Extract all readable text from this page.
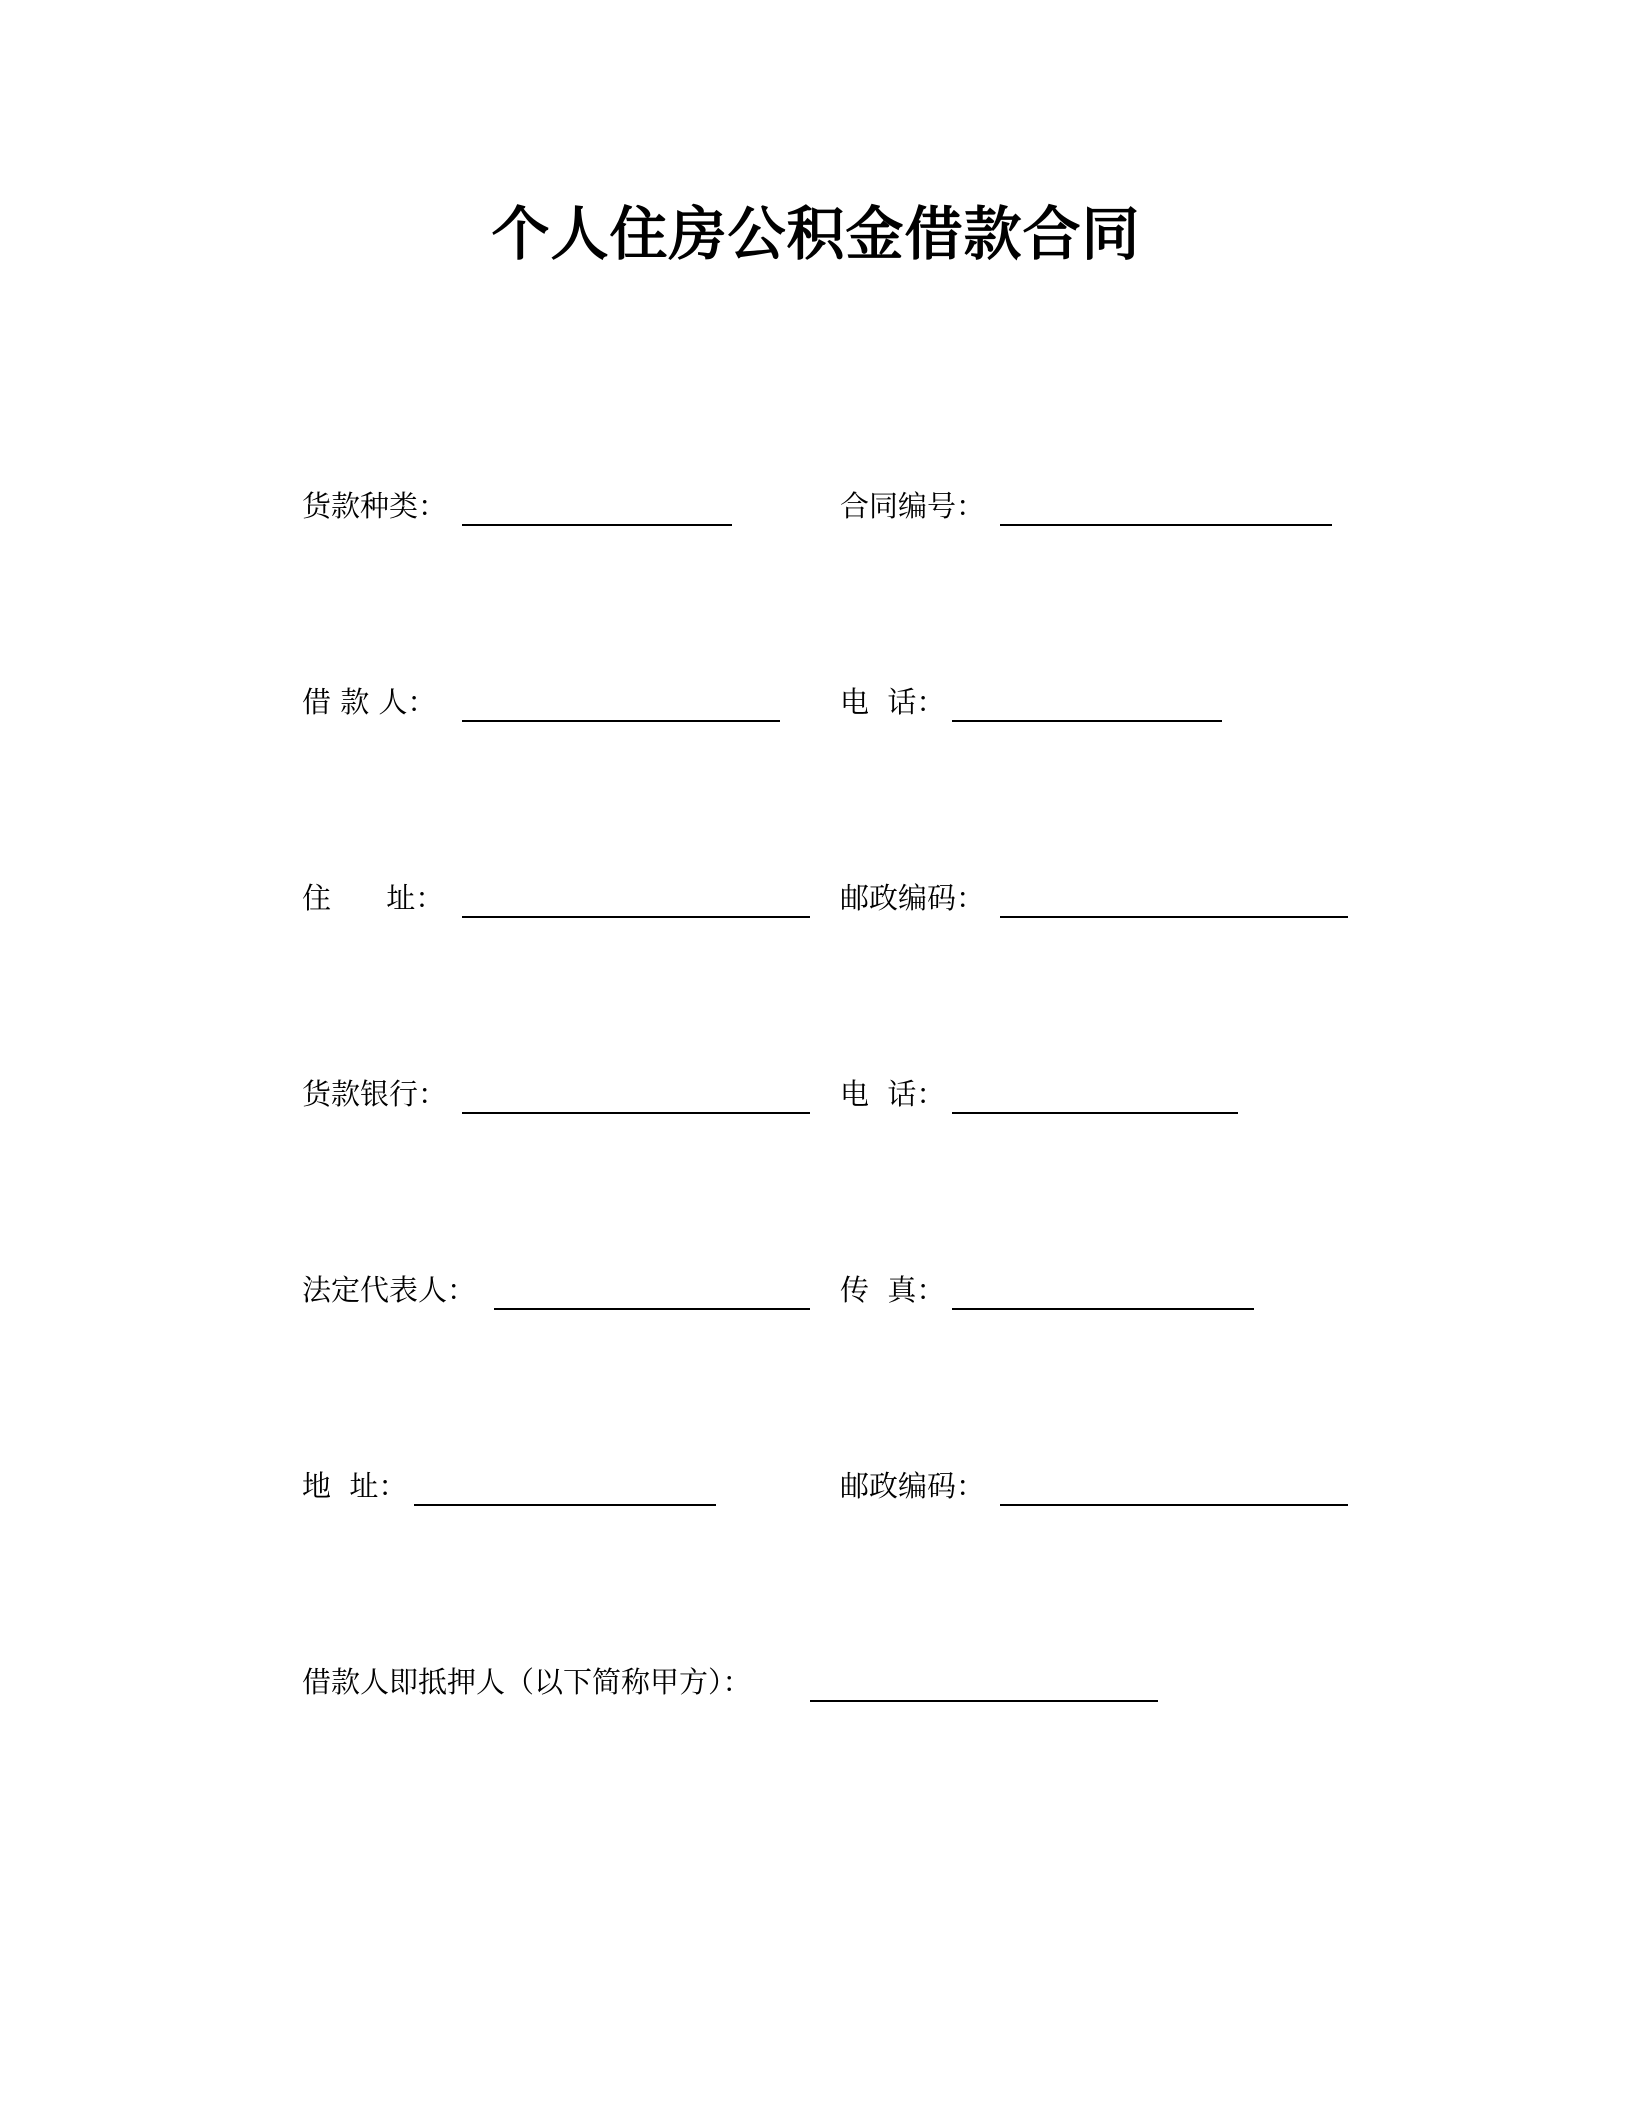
个人住房公积金借款合同
货款种类：	合同编号：
借 款 人：	电  话：
住      址：	邮政编码：
货款银行：	电  话：
法定代表人：	传  真：
地  址：	邮政编码：
借款人即抵押人（以下简称甲方）：
